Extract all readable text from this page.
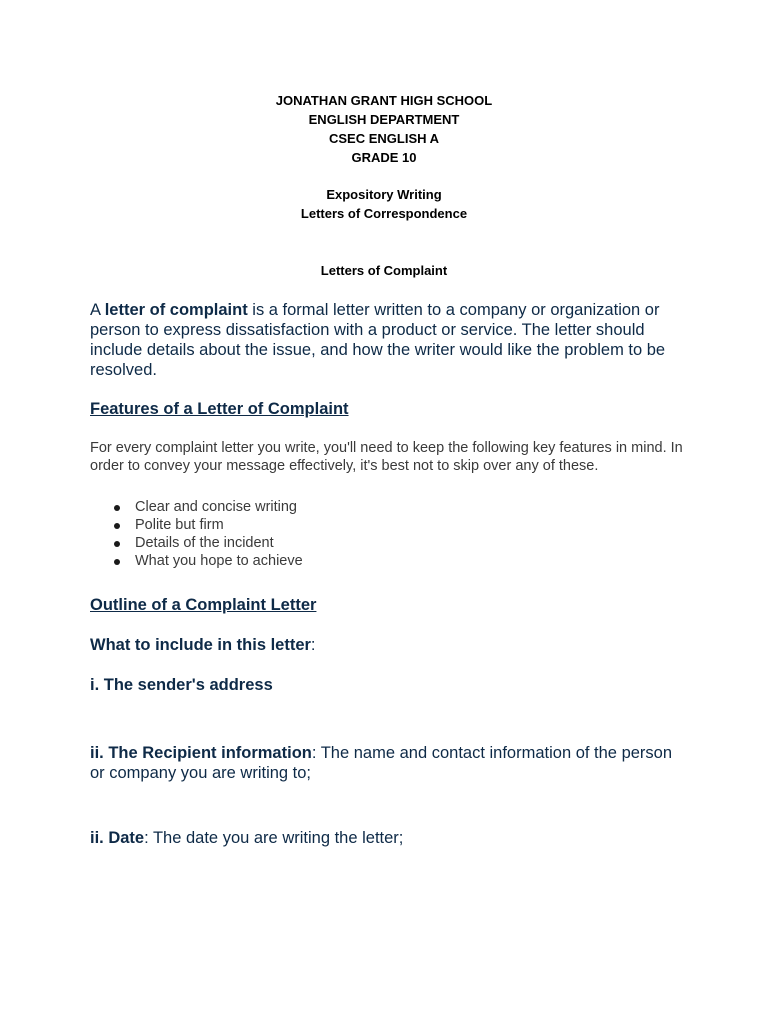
JONATHAN GRANT HIGH SCHOOL
ENGLISH DEPARTMENT
CSEC ENGLISH A
GRADE 10
Expository Writing
Letters of Correspondence
Letters of Complaint

A letter of complaint is a formal letter written to a company or organization or person to express dissatisfaction with a product or service. The letter should include details about the issue, and how the writer would like the problem to be resolved.

Features of a Letter of Complaint

For every complaint letter you write, you'll need to keep the following key features in mind. In order to convey your message effectively, it's best not to skip over any of these.

Clear and concise writing
Polite but firm
Details of the incident
What you hope to achieve
Outline of a Complaint Letter
What to include in this letter:
i. The sender's address

ii. The Recipient information: The name and contact information of the person or company you are writing to;

ii. Date: The date you are writing the letter;
